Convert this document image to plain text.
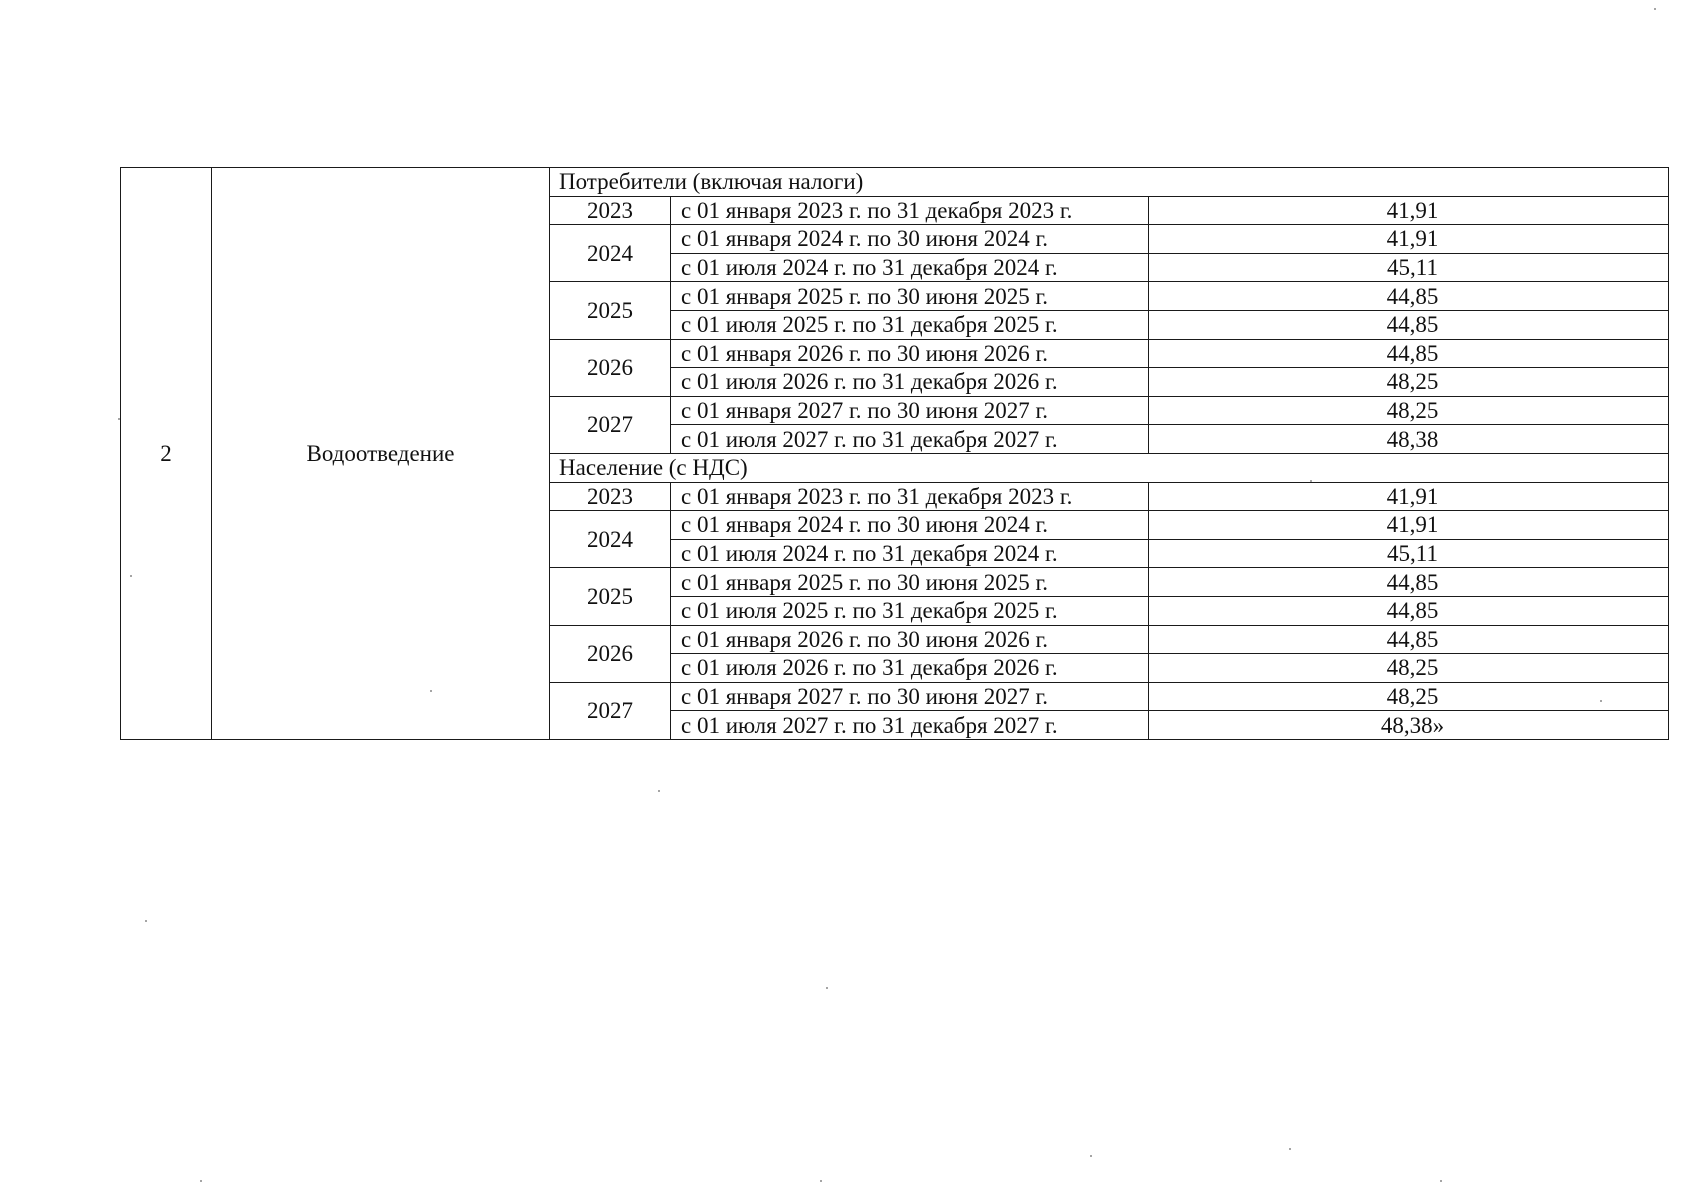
2	Водоотведение	Потребители (включая налоги)		
		2023	с 01 января 2023 г. по 31 декабря 2023 г.	41,91
		2024	с 01 января 2024 г. по 30 июня 2024 г.	41,91
			с 01 июля 2024 г. по 31 декабря 2024 г.	45,11
		2025	с 01 января 2025 г. по 30 июня 2025 г.	44,85
			с 01 июля 2025 г. по 31 декабря 2025 г.	44,85
		2026	с 01 января 2026 г. по 30 июня 2026 г.	44,85
			с 01 июля 2026 г. по 31 декабря 2026 г.	48,25
		2027	с 01 января 2027 г. по 30 июня 2027 г.	48,25
			с 01 июля 2027 г. по 31 декабря 2027 г.	48,38
		Население (с НДС)		
		2023	с 01 января 2023 г. по 31 декабря 2023 г.	41,91
		2024	с 01 января 2024 г. по 30 июня 2024 г.	41,91
			с 01 июля 2024 г. по 31 декабря 2024 г.	45,11
		2025	с 01 января 2025 г. по 30 июня 2025 г.	44,85
			с 01 июля 2025 г. по 31 декабря 2025 г.	44,85
		2026	с 01 января 2026 г. по 30 июня 2026 г.	44,85
			с 01 июля 2026 г. по 31 декабря 2026 г.	48,25
		2027	с 01 января 2027 г. по 30 июня 2027 г.	48,25
			с 01 июля 2027 г. по 31 декабря 2027 г.	48,38»
